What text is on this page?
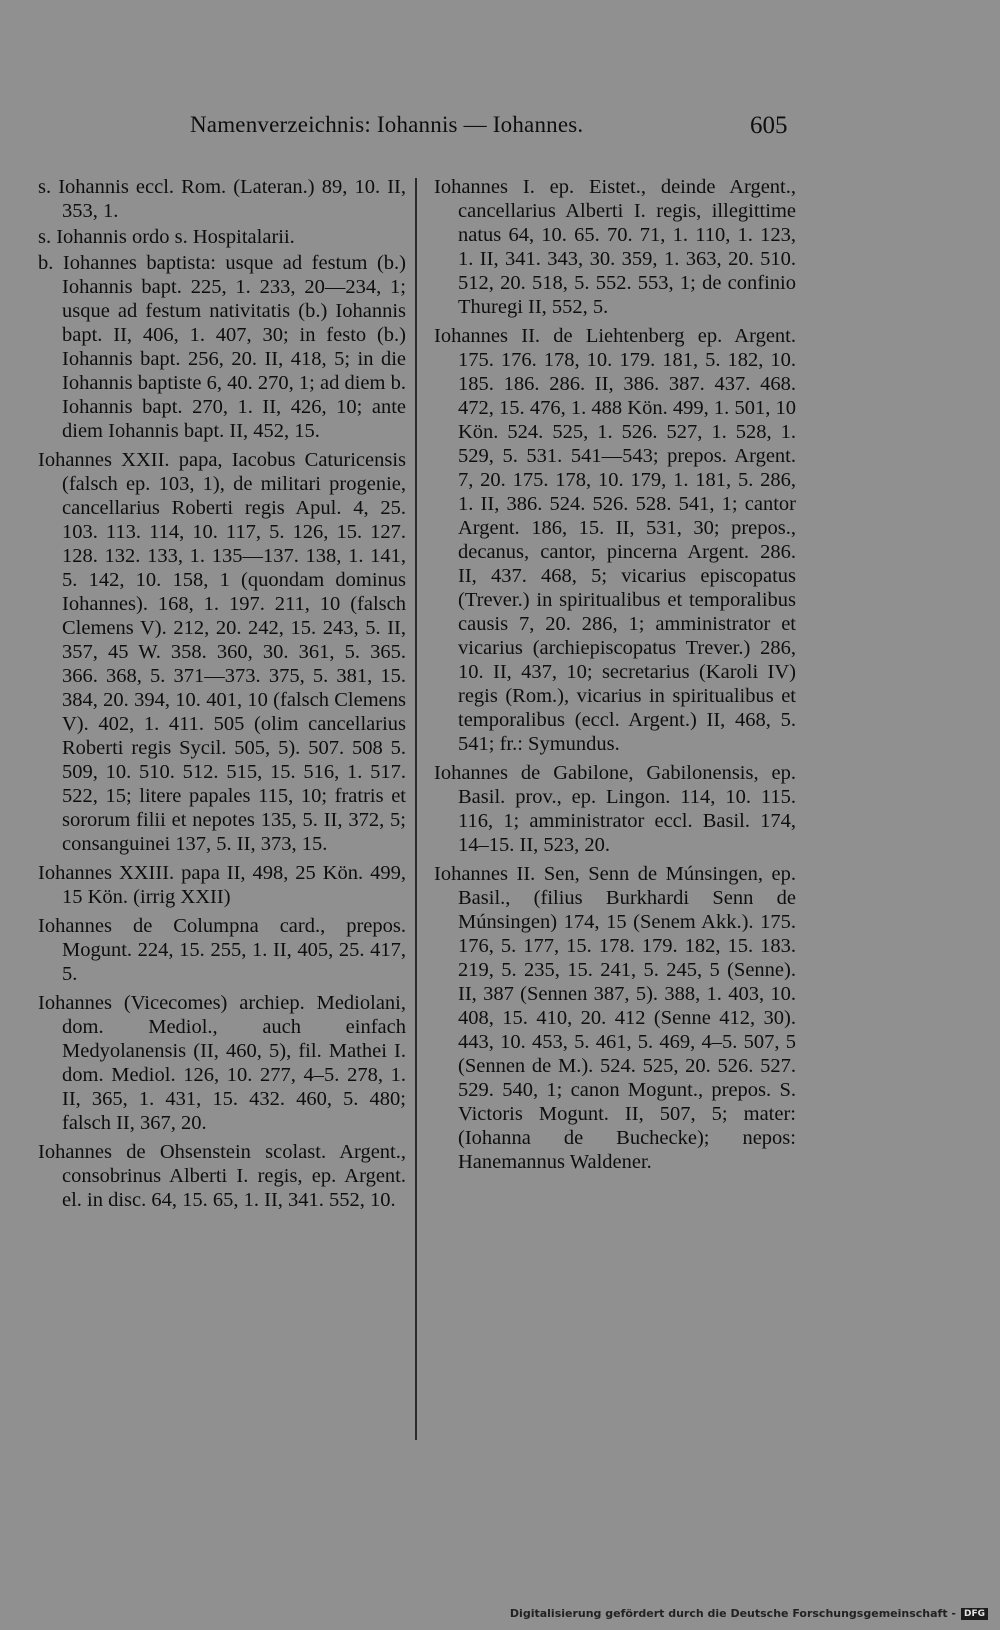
Namenverzeichnis: Iohannis — Iohannes.	605
s. Iohannis eccl. Rom. (Lateran.) 89, 10. II, 353, 1.
s. Iohannis ordo s. Hospitalarii.
b. Iohannes baptista: usque ad festum (b.) Iohannis bapt. 225, 1. 233, 20—234, 1; usque ad festum nativitatis (b.) Iohannis bapt. II, 406, 1. 407, 30; in festo (b.) Iohannis bapt. 256, 20. II, 418, 5; in die Iohannis baptiste 6, 40. 270, 1; ad diem b. Iohannis bapt. 270, 1. II, 426, 10; ante diem Iohannis bapt. II, 452, 15.
Iohannes XXII. papa, Iacobus Caturicensis (falsch ep. 103, 1), de militari progenie, cancellarius Roberti regis Apul. 4, 25. 103. 113. 114, 10. 117, 5. 126, 15. 127. 128. 132. 133, 1. 135—137. 138, 1. 141, 5. 142, 10. 158, 1 (quondam dominus Iohannes). 168, 1. 197. 211, 10 (falsch Clemens V). 212, 20. 242, 15. 243, 5. II, 357, 45 W. 358. 360, 30. 361, 5. 365. 366. 368, 5. 371—373. 375, 5. 381, 15. 384, 20. 394, 10. 401, 10 (falsch Clemens V). 402, 1. 411. 505 (olim cancellarius Roberti regis Sycil. 505, 5). 507. 508 5. 509, 10. 510. 512. 515, 15. 516, 1. 517. 522, 15; litere papales 115, 10; fratris et sororum filii et nepotes 135, 5. II, 372, 5; consanguinei 137, 5. II, 373, 15.
Iohannes XXIII. papa II, 498, 25 Kön. 499, 15 Kön. (irrig XXII)
Iohannes de Columpna card., prepos. Mogunt. 224, 15. 255, 1. II, 405, 25. 417, 5.
Iohannes (Vicecomes) archiep. Mediolani, dom. Mediol., auch einfach Medyolanensis (II, 460, 5), fil. Mathei I. dom. Mediol. 126, 10. 277, 4–5. 278, 1. II, 365, 1. 431, 15. 432. 460, 5. 480; falsch II, 367, 20.
Iohannes de Ohsenstein scolast. Argent., consobrinus Alberti I. regis, ep. Argent. el. in disc. 64, 15. 65, 1. II, 341. 552, 10.
Iohannes I. ep. Eistet., deinde Argent., cancellarius Alberti I. regis, illegittime natus 64, 10. 65. 70. 71, 1. 110, 1. 123, 1. II, 341. 343, 30. 359, 1. 363, 20. 510. 512, 20. 518, 5. 552. 553, 1; de confinio Thuregi II, 552, 5.
Iohannes II. de Liehtenberg ep. Argent. 175. 176. 178, 10. 179. 181, 5. 182, 10. 185. 186. 286. II, 386. 387. 437. 468. 472, 15. 476, 1. 488 Kön. 499, 1. 501, 10 Kön. 524. 525, 1. 526. 527, 1. 528, 1. 529, 5. 531. 541—543; prepos. Argent. 7, 20. 175. 178, 10. 179, 1. 181, 5. 286, 1. II, 386. 524. 526. 528. 541, 1; cantor Argent. 186, 15. II, 531, 30; prepos., decanus, cantor, pincerna Argent. 286. II, 437. 468, 5; vicarius episcopatus (Trever.) in spiritualibus et temporalibus causis 7, 20. 286, 1; amministrator et vicarius (archiepiscopatus Trever.) 286, 10. II, 437, 10; secretarius (Karoli IV) regis (Rom.), vicarius in spiritualibus et temporalibus (eccl. Argent.) II, 468, 5. 541; fr.: Symundus.
Iohannes de Gabilone, Gabilonensis, ep. Basil. prov., ep. Lingon. 114, 10. 115. 116, 1; amministrator eccl. Basil. 174, 14–15. II, 523, 20.
Iohannes II. Sen, Senn de Múnsingen, ep. Basil., (filius Burkhardi Senn de Múnsingen) 174, 15 (Senem Akk.). 175. 176, 5. 177, 15. 178. 179. 182, 15. 183. 219, 5. 235, 15. 241, 5. 245, 5 (Senne). II, 387 (Sennen 387, 5). 388, 1. 403, 10. 408, 15. 410, 20. 412 (Senne 412, 30). 443, 10. 453, 5. 461, 5. 469, 4–5. 507, 5 (Sennen de M.). 524. 525, 20. 526. 527. 529. 540, 1; canon Mogunt., prepos. S. Victoris Mogunt. II, 507, 5; mater: (Iohanna de Buchecke); nepos: Hanemannus Waldener.
Digitalisierung gefördert durch die Deutsche Forschungsgemeinschaft - DFG
